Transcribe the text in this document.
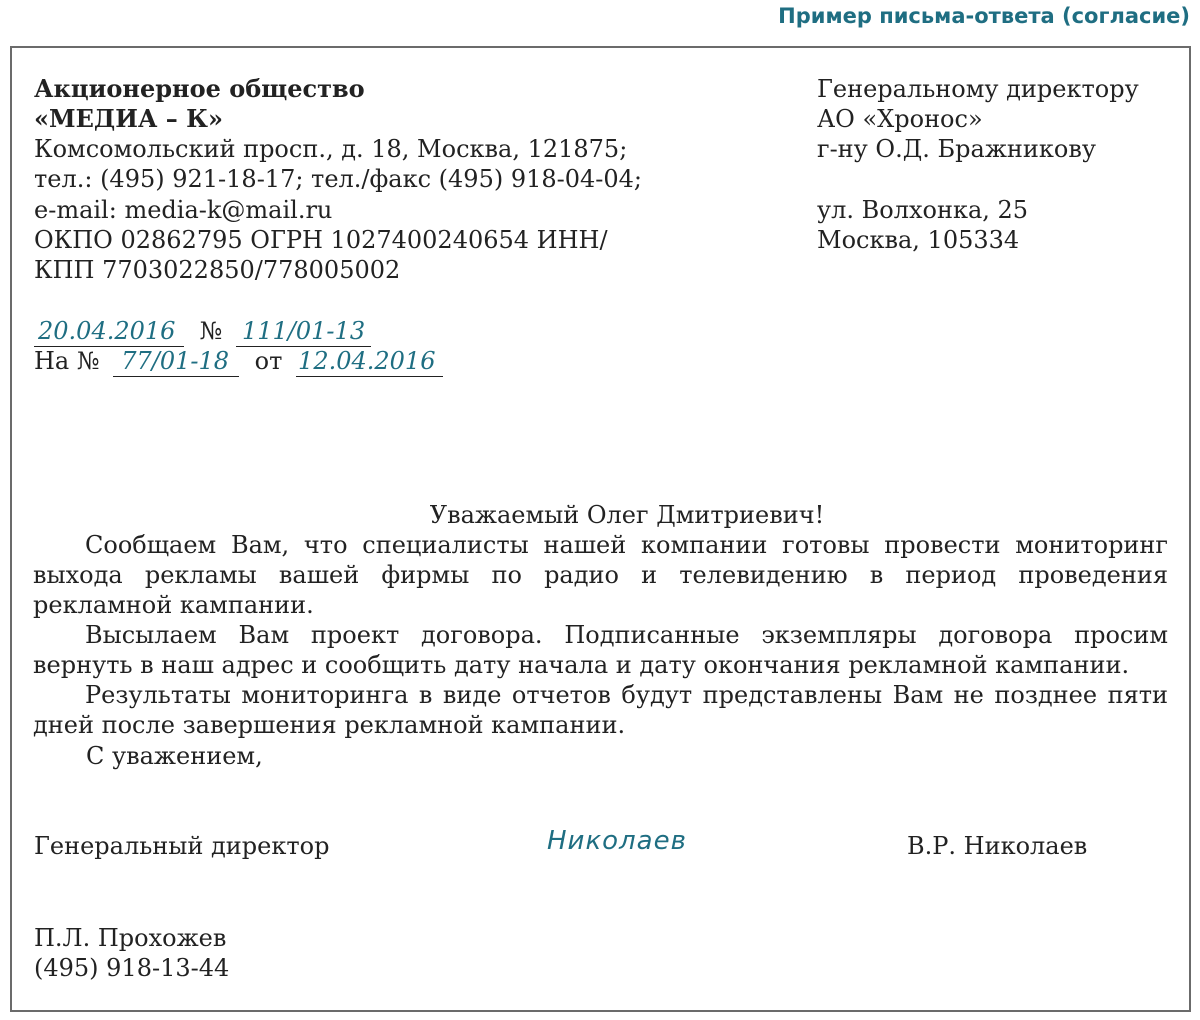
Пример письма-ответа (согласие)
Акционерное общество
«МЕДИА – К»
Комсомольский просп., д. 18, Москва, 121875;
тел.: (495) 921-18-17; тел./факс (495) 918-04-04;
e-mail: media-k@mail.ru
ОКПО 02862795 ОГРН 1027400240654 ИНН/
КПП 7703022850/778005002
Генеральному директору
АО «Хронос»
г-ну О.Д. Бражникову
ул. Волхонка, 25
Москва, 105334
20.04.2016 № 111/01-13
На № 77/01-18 от 12.04.2016
Уважаемый Олег Дмитриевич!

Сообщаем Вам, что специалисты нашей компании готовы провести мониторинг выхода рекламы вашей фирмы по радио и телевидению в период проведения рекламной кампании.

Высылаем Вам проект договора. Подписанные экземпляры договора просим вернуть в наш адрес и сообщить дату начала и дату окончания рекламной кампании.

Результаты мониторинга в виде отчетов будут представлены Вам не позднее пяти дней после завершения рекламной кампании.

С уважением,
Генеральный директор	Николаев	В.Р. Николаев
П.Л. Прохожев
(495) 918-13-44
